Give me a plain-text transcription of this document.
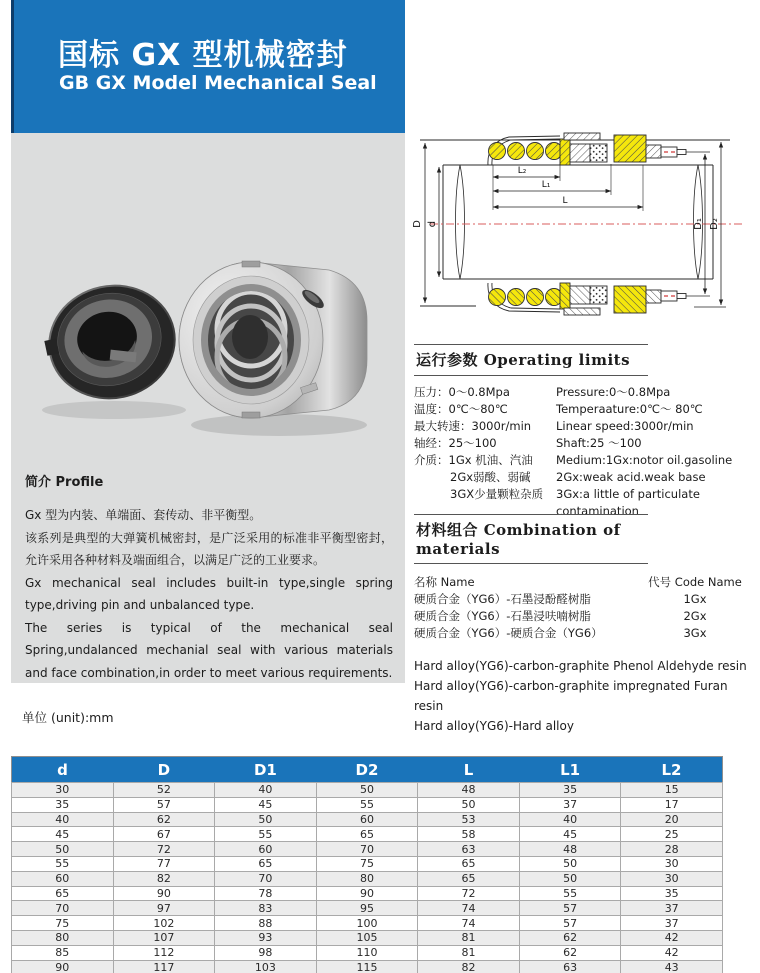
国标 GX 型机械密封
GB GX Model Mechanical Seal
简介 Profile

Gx 型为内装、单端面、套传动、非平衡型。

该系列是典型的大弹簧机械密封，是广泛采用的标准非平衡型密封，允许采用各种材料及端面组合，以满足广泛的工业要求。

Gx mechanical seal includes built-in type,single spring type,driving pin and unbalanced type.

The series is typical of the mechanical seal Spring,undalanced mechanial seal with various materials and face combination,in order to meet various requirements.

D d
L₂
L₁
L
D₁ D₂
运行参数 Operating limits
压力：0～0.8Mpa	Pressure:0～0.8Mpa
温度：0℃～80℃	Temperaature:0℃～ 80℃
最大转速：3000r/min	Linear speed:3000r/min
轴经：25～100	Shaft:25 ～100
介质：1Gx 机油、汽油	Medium:1Gx:notor oil.gasoline
2Gx弱酸、弱碱	2Gx:weak acid.weak base
3GX少量颗粒杂质	3Gx:a little of particulate contamination
材料组合 Combination of materials
名称 Name	代号 Code Name
硬质合金（YG6）-石墨浸酚醛树脂	1Gx
硬质合金（YG6）-石墨浸呋喃树脂	2Gx
硬质合金（YG6）-硬质合金（YG6）	3Gx
Hard alloy(YG6)-carbon-graphite Phenol Aldehyde resin
Hard alloy(YG6)-carbon-graphite impregnated Furan resin
Hard alloy(YG6)-Hard alloy
单位 (unit):mm
d	D	D1	D2	L	L1	L2
30	52	40	50	48	35	15
35	57	45	55	50	37	17
40	62	50	60	53	40	20
45	67	55	65	58	45	25
50	72	60	70	63	48	28
55	77	65	75	65	50	30
60	82	70	80	65	50	30
65	90	78	90	72	55	35
70	97	83	95	74	57	37
75	102	88	100	74	57	37
80	107	93	105	81	62	42
85	112	98	110	81	62	42
90	117	103	115	82	63	43
